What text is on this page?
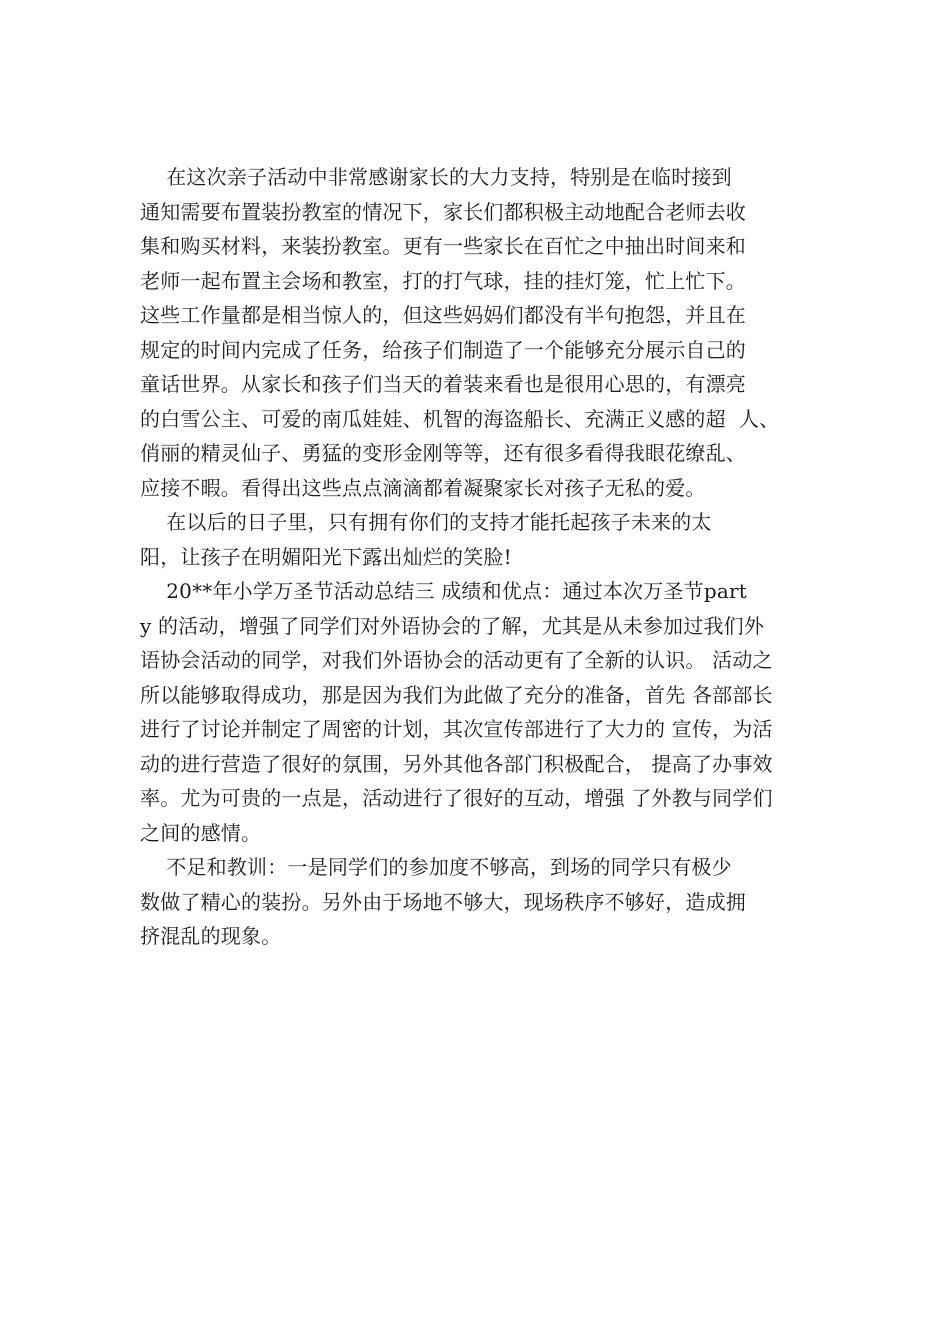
在这次亲子活动中非常感谢家长的大力支持，特别是在临时接到
通知需要布置装扮教室的情况下，家长们都积极主动地配合老师去收
集和购买材料，来装扮教室。更有一些家长在百忙之中抽出时间来和
老师一起布置主会场和教室，打的打气球，挂的挂灯笼，忙上忙下。
这些工作量都是相当惊人的，但这些妈妈们都没有半句抱怨，并且在
规定的时间内完成了任务，给孩子们制造了一个能够充分展示自己的
童话世界。从家长和孩子们当天的着装来看也是很用心思的，有漂亮
的白雪公主、可爱的南瓜娃娃、机智的海盗船长、充满正义感的超  人、
俏丽的精灵仙子、勇猛的变形金刚等等，还有很多看得我眼花缭乱、
应接不暇。看得出这些点点滴滴都着凝聚家长对孩子无私的爱。
在以后的日子里，只有拥有你们的支持才能托起孩子未来的太
阳，让孩子在明媚阳光下露出灿烂的笑脸!
20**年小学万圣节活动总结三 成绩和优点：通过本次万圣节part
y 的活动，增强了同学们对外语协会的了解，尤其是从未参加过我们外
语协会活动的同学，对我们外语协会的活动更有了全新的认识。 活动之
所以能够取得成功，那是因为我们为此做了充分的准备，首先 各部部长
进行了讨论并制定了周密的计划，其次宣传部进行了大力的 宣传，为活
动的进行营造了很好的氛围，另外其他各部门积极配合， 提高了办事效
率。尤为可贵的一点是，活动进行了很好的互动，增强 了外教与同学们
之间的感情。
不足和教训：一是同学们的参加度不够高，到场的同学只有极少
数做了精心的装扮。另外由于场地不够大，现场秩序不够好，造成拥
挤混乱的现象。
